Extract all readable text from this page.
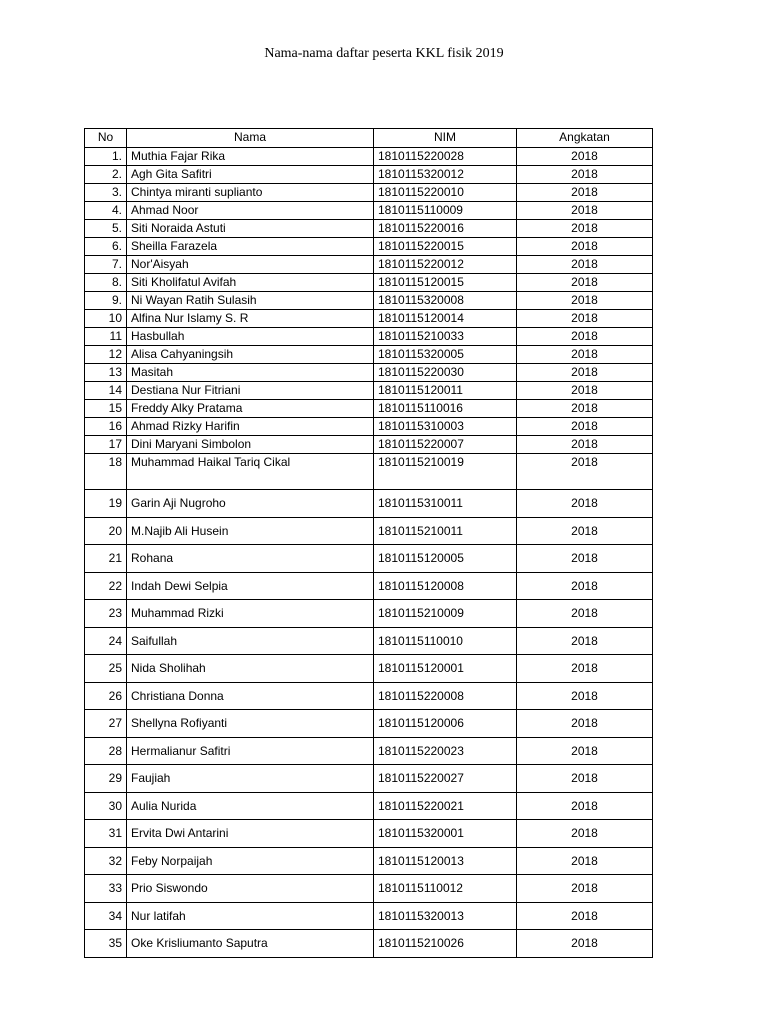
Nama-nama daftar peserta KKL fisik 2019
No	Nama	NIM	Angkatan
1.	Muthia Fajar Rika	1810115220028	2018
2.	Agh Gita Safitri	1810115320012	2018
3.	Chintya miranti suplianto	1810115220010	2018
4.	Ahmad Noor	1810115110009	2018
5.	Siti Noraida Astuti	1810115220016	2018
6.	Sheilla Farazela	1810115220015	2018
7.	Nor'Aisyah	1810115220012	2018
8.	Siti Kholifatul Avifah	1810115120015	2018
9.	Ni Wayan Ratih Sulasih	1810115320008	2018
10	Alfina Nur Islamy S. R	1810115120014	2018
11	Hasbullah	1810115210033	2018
12	Alisa Cahyaningsih	1810115320005	2018
13	Masitah	1810115220030	2018
14	Destiana Nur Fitriani	1810115120011	2018
15	Freddy Alky Pratama	1810115110016	2018
16	Ahmad Rizky Harifin	1810115310003	2018
17	Dini Maryani Simbolon	1810115220007	2018
18	Muhammad Haikal Tariq Cikal	1810115210019	2018
19	Garin Aji Nugroho	1810115310011	2018
20	M.Najib Ali Husein	1810115210011	2018
21	Rohana	1810115120005	2018
22	Indah Dewi Selpia	1810115120008	2018
23	Muhammad Rizki	1810115210009	2018
24	Saifullah	1810115110010	2018
25	Nida Sholihah	1810115120001	2018
26	Christiana Donna	1810115220008	2018
27	Shellyna Rofiyanti	1810115120006	2018
28	Hermalianur Safitri	1810115220023	2018
29	Faujiah	1810115220027	2018
30	Aulia Nurida	1810115220021	2018
31	Ervita Dwi Antarini	1810115320001	2018
32	Feby Norpaijah	1810115120013	2018
33	Prio Siswondo	1810115110012	2018
34	Nur latifah	1810115320013	2018
35	Oke Krisliumanto Saputra	1810115210026	2018
